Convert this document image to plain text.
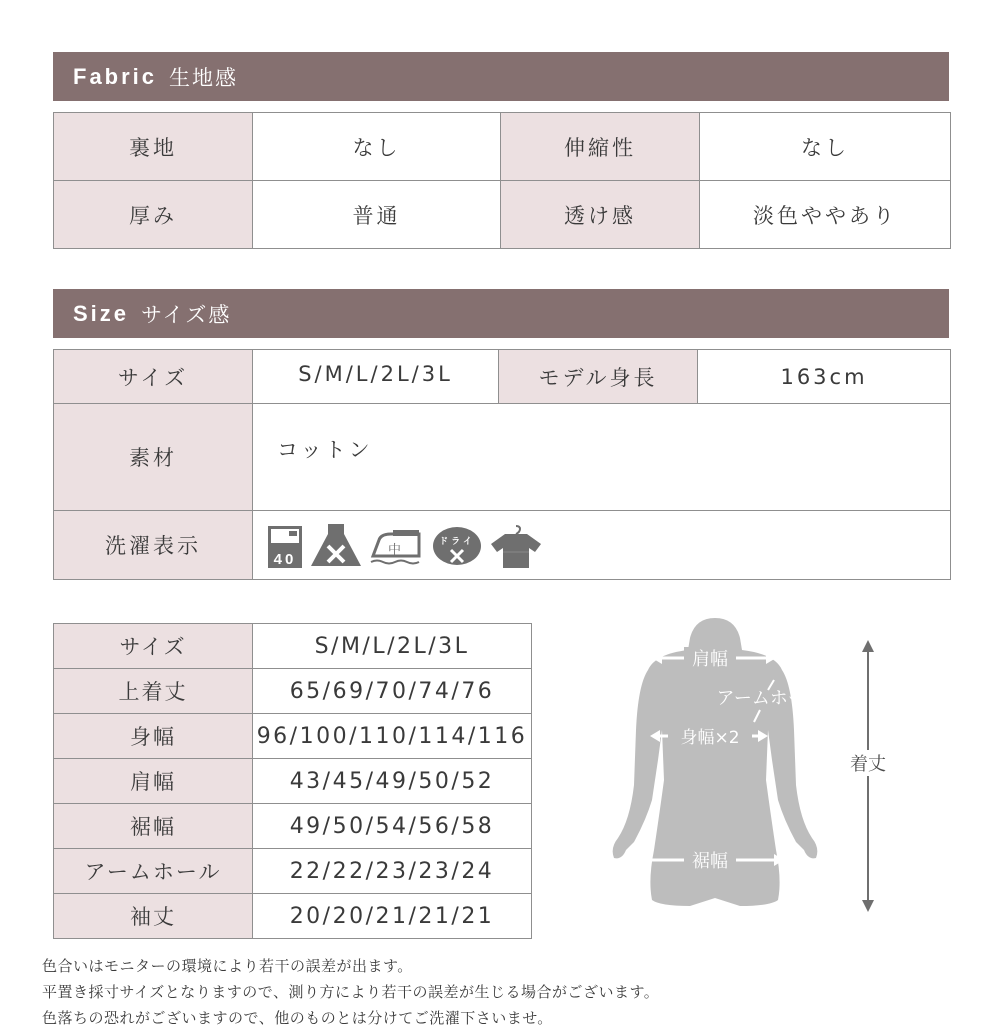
Fabric 生地感
裏地	なし	伸縮性	なし
厚み	普通	透け感	淡色ややあり
Size サイズ感
サイズ	S/M/L/2L/3L	モデル身長	163cm
素材	コットン		
洗濯表示	40
中
ドライ		
サイズ	S/M/L/2L/3L
上着丈	65/69/70/74/76
身幅	96/100/110/114/116
肩幅	43/45/49/50/52
裾幅	49/50/54/56/58
アームホール	22/22/23/23/24
袖丈	20/20/21/21/21
肩幅
アームホール
身幅×2
裾幅
着丈
色合いはモニターの環境により若干の誤差が出ます。
平置き採寸サイズとなりますので、測り方により若干の誤差が生じる場合がございます。
色落ちの恐れがございますので、他のものとは分けてご洗濯下さいませ。
